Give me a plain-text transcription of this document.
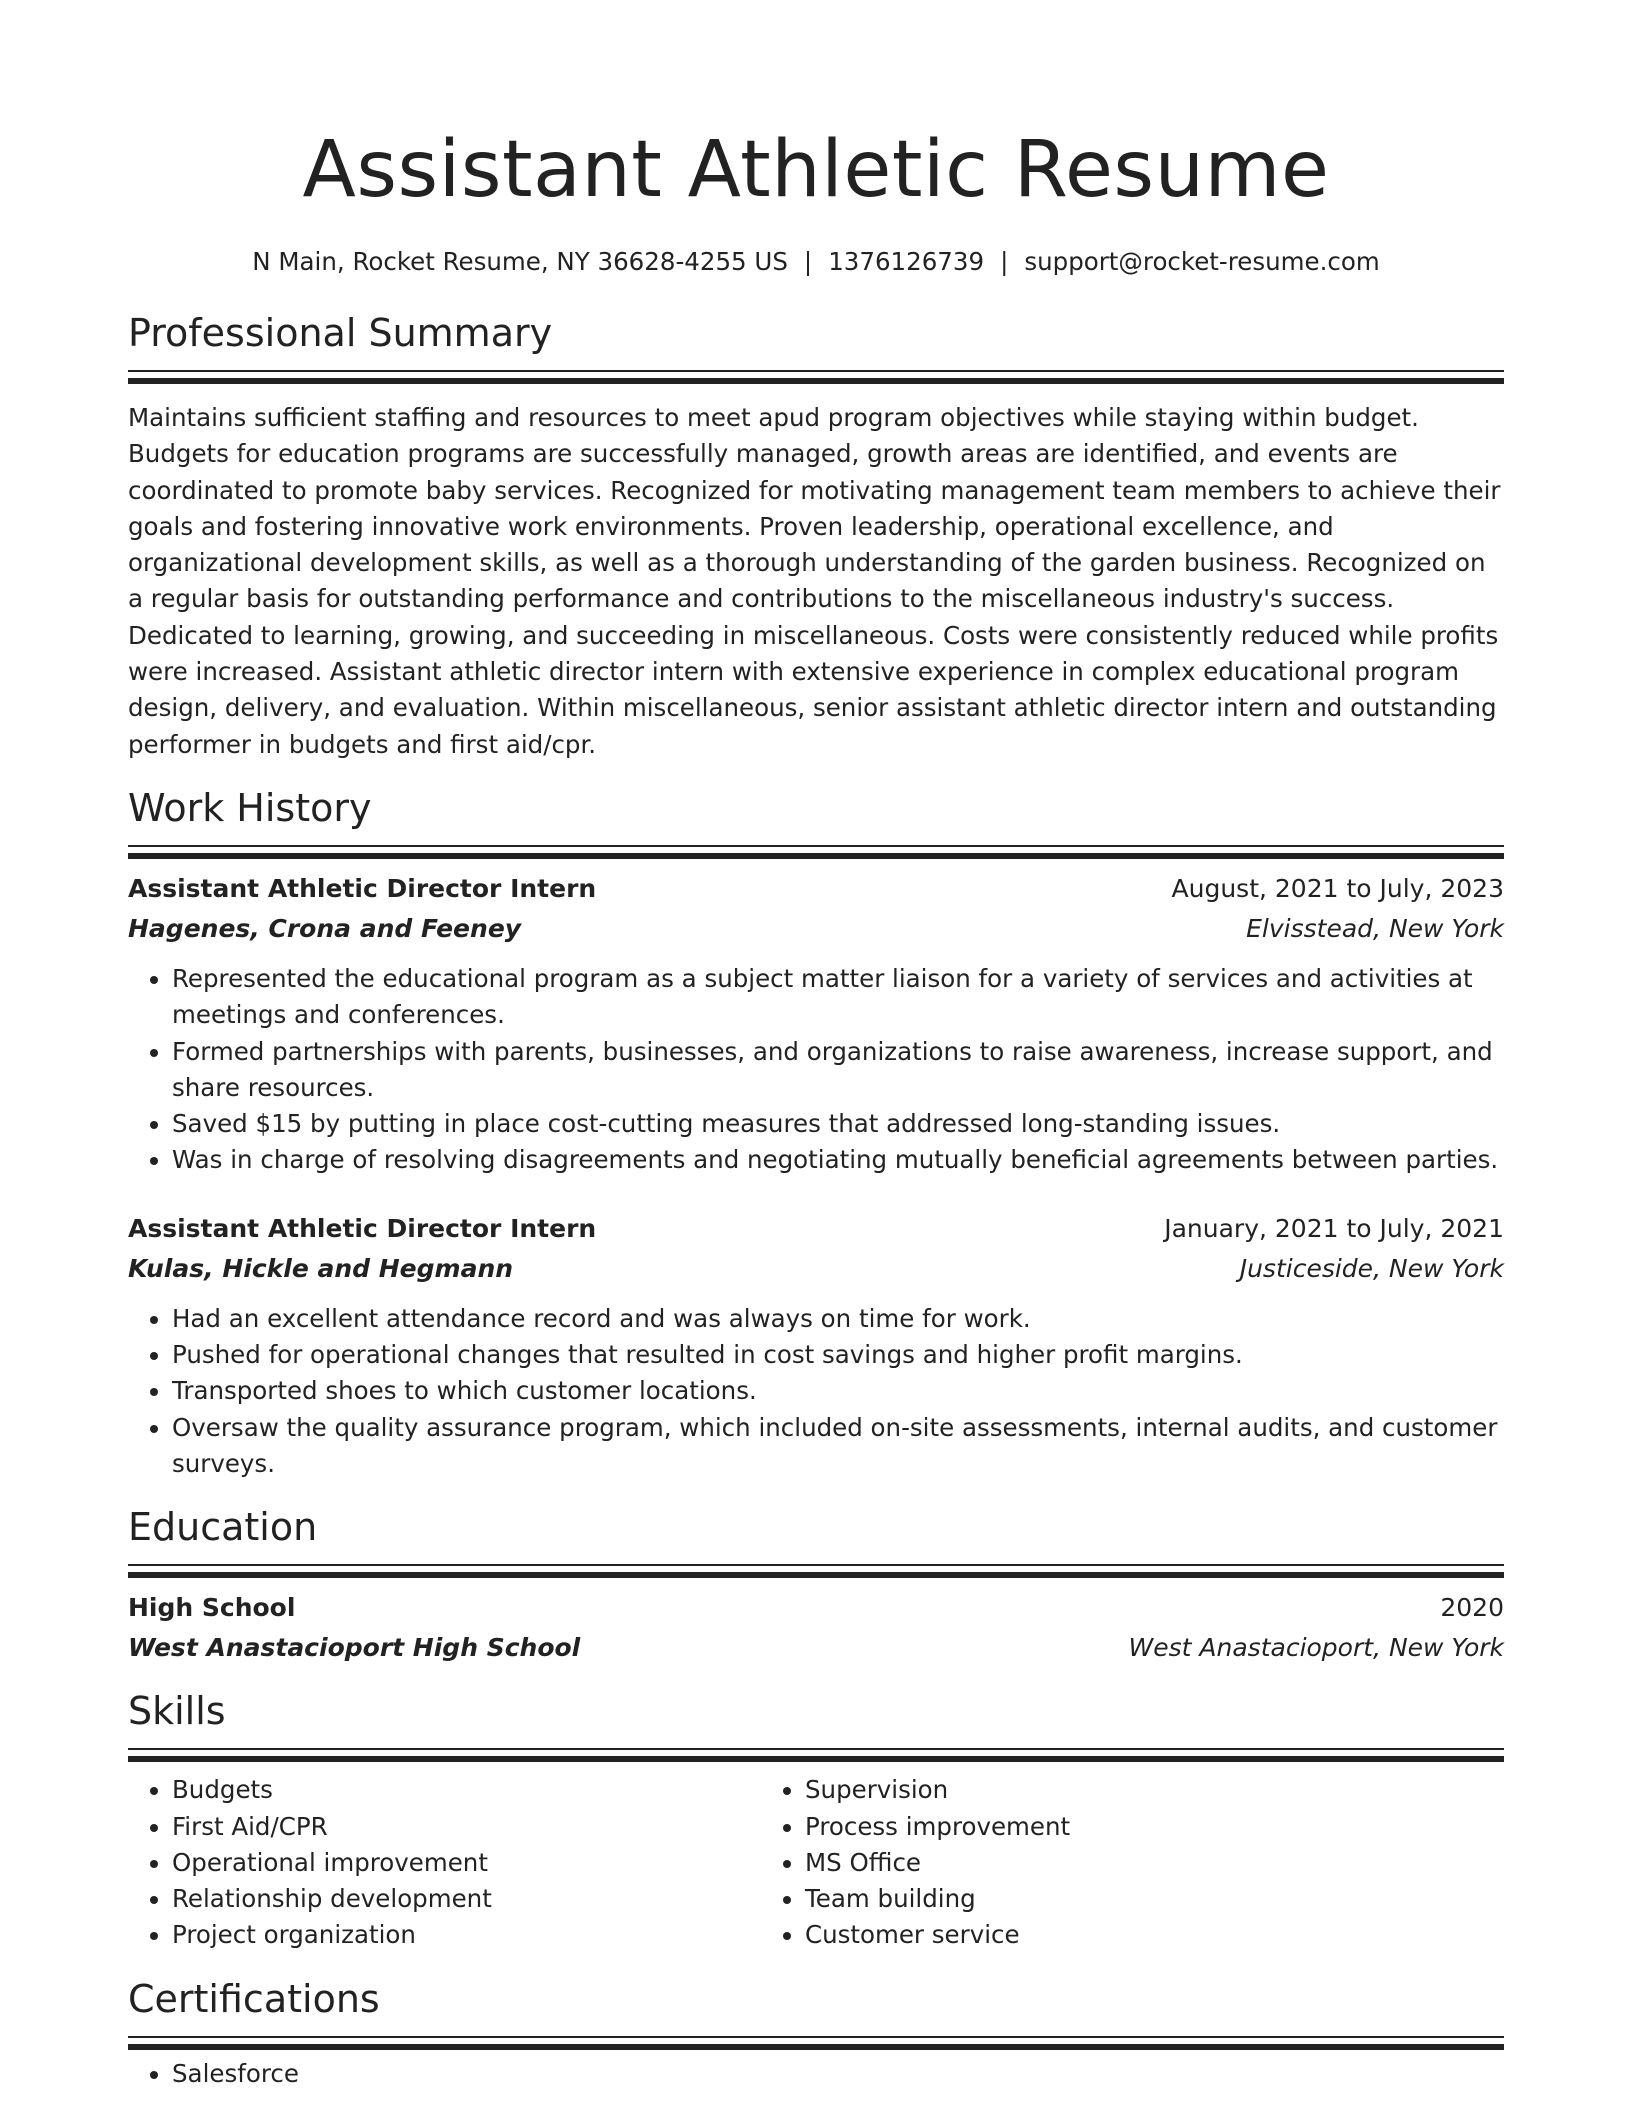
Assistant Athletic Resume
N Main, Rocket Resume, NY 36628-4255 US | 1376126739 | support@rocket-resume.com
Professional Summary
Maintains sufficient staffing and resources to meet apud program objectives while staying within budget. Budgets for education programs are successfully managed, growth areas are identified, and events are coordinated to promote baby services. Recognized for motivating management team members to achieve their goals and fostering innovative work environments. Proven leadership, operational excellence, and organizational development skills, as well as a thorough understanding of the garden business. Recognized on a regular basis for outstanding performance and contributions to the miscellaneous industry's success. Dedicated to learning, growing, and succeeding in miscellaneous. Costs were consistently reduced while profits were increased. Assistant athletic director intern with extensive experience in complex educational program design, delivery, and evaluation. Within miscellaneous, senior assistant athletic director intern and outstanding performer in budgets and first aid/cpr.
Work History
Assistant Athletic Director Intern	August, 2021 to July, 2023
Hagenes, Crona and Feeney	Elvisstead, New York
• Represented the educational program as a subject matter liaison for a variety of services and activities at meetings and conferences.
• Formed partnerships with parents, businesses, and organizations to raise awareness, increase support, and share resources.
• Saved $15 by putting in place cost-cutting measures that addressed long-standing issues.
• Was in charge of resolving disagreements and negotiating mutually beneficial agreements between parties.
Assistant Athletic Director Intern	January, 2021 to July, 2021
Kulas, Hickle and Hegmann	Justiceside, New York
• Had an excellent attendance record and was always on time for work.
• Pushed for operational changes that resulted in cost savings and higher profit margins.
• Transported shoes to which customer locations.
• Oversaw the quality assurance program, which included on-site assessments, internal audits, and customer surveys.
Education
High School	2020
West Anastacioport High School	West Anastacioport, New York
Skills
• Budgets
• First Aid/CPR
• Operational improvement
• Relationship development
• Project organization
• Supervision
• Process improvement
• MS Office
• Team building
• Customer service
Certifications
• Salesforce
